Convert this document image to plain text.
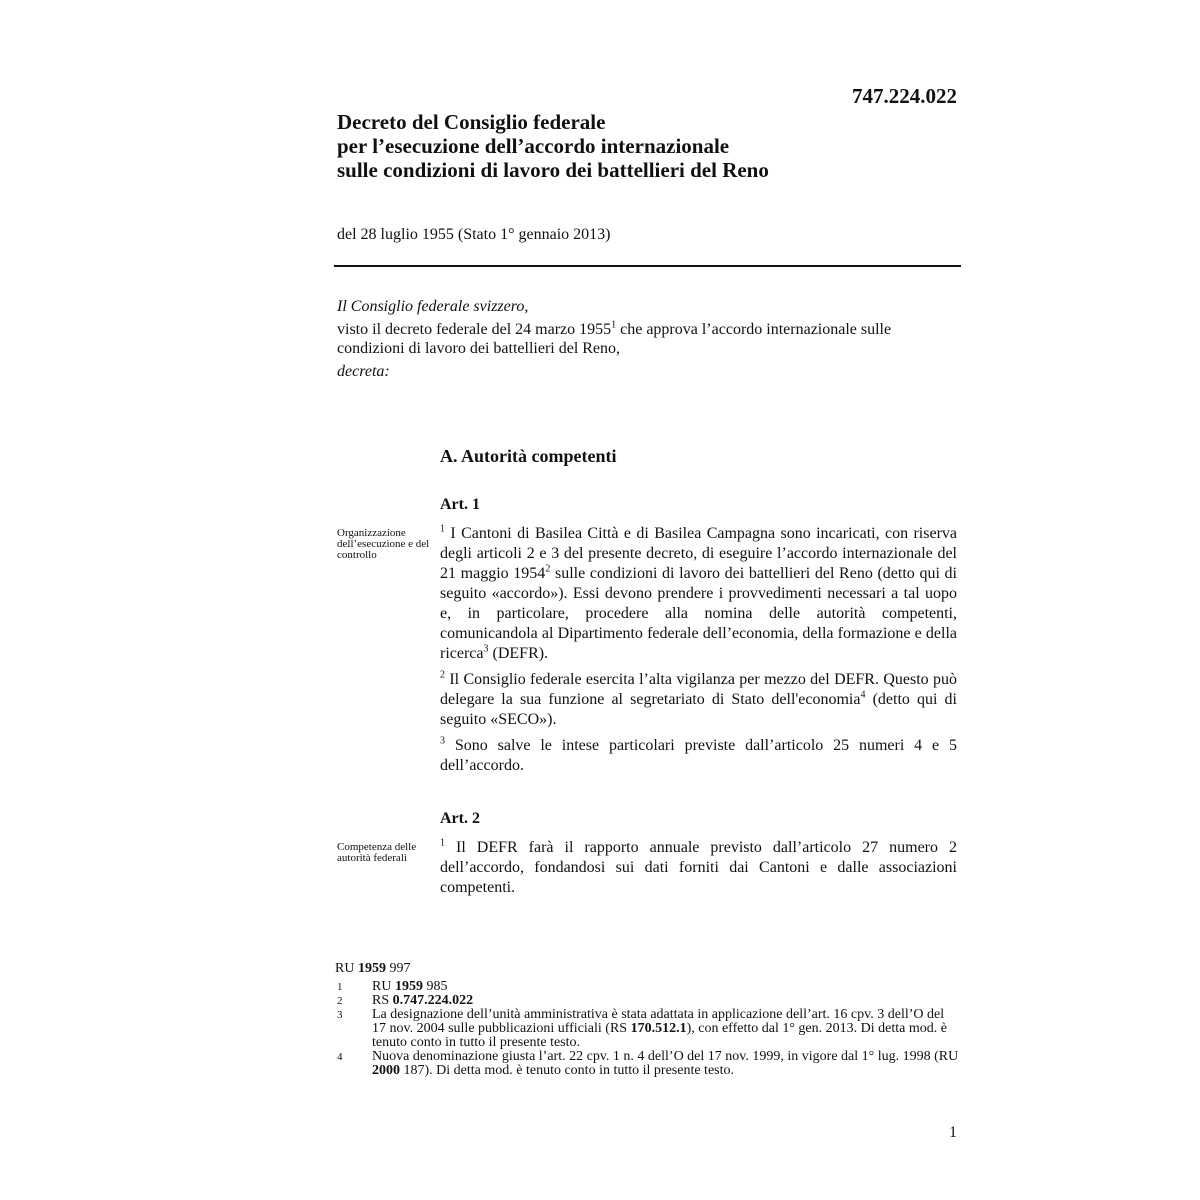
747.224.022
Decreto del Consiglio federale
per l’esecuzione dell’accordo internazionale
sulle condizioni di lavoro dei battellieri del Reno
del 28 luglio 1955 (Stato 1° gennaio 2013)

Il Consiglio federale svizzero,

visto il decreto federale del 24 marzo 1955$^1$ che approva l’accordo internazionale sulle condizioni di lavoro dei battellieri del Reno,

decreta:

A. Autorità competenti
Art. 1
Organizzazione dell’esecuzione e del controllo

$^1$ I Cantoni di Basilea Città e di Basilea Campagna sono incaricati, con riserva degli articoli 2 e 3 del presente decreto, di eseguire l’accordo internazionale del 21 maggio 1954$^2$ sulle condizioni di lavoro dei battellieri del Reno (detto qui di seguito «accordo»). Essi devono prendere i provvedimenti necessari a tal uopo e, in particolare, procedere alla nomina delle autorità competenti, comunicandola al Dipartimento federale dell’economia, della formazione e della ricerca$^3$ (DEFR).

$^2$ Il Consiglio federale esercita l’alta vigilanza per mezzo del DEFR. Questo può delegare la sua funzione al segretariato di Stato dell'economia$^4$ (detto qui di seguito «SECO»).

$^3$ Sono salve le intese particolari previste dall’articolo 25 numeri 4 e 5 dell’accordo.

Art. 2
Competenza delle autorità federali

$^1$ Il DEFR farà il rapporto annuale previsto dall’articolo 27 numero 2 dell’accordo, fondandosi sui dati forniti dai Cantoni e dalle associazioni competenti.

RU 1959 997
1	RU 1959 985
2	RS 0.747.224.022
3	La designazione dell’unità amministrativa è stata adattata in applicazione dell’art. 16 cpv. 3 dell’O del 17 nov. 2004 sulle pubblicazioni ufficiali (RS 170.512.1), con effetto dal 1° gen. 2013. Di detta mod. è tenuto conto in tutto il presente testo.
4	Nuova denominazione giusta l’art. 22 cpv. 1 n. 4 dell’O del 17 nov. 1999, in vigore dal 1° lug. 1998 (RU 2000 187). Di detta mod. è tenuto conto in tutto il presente testo.
1
